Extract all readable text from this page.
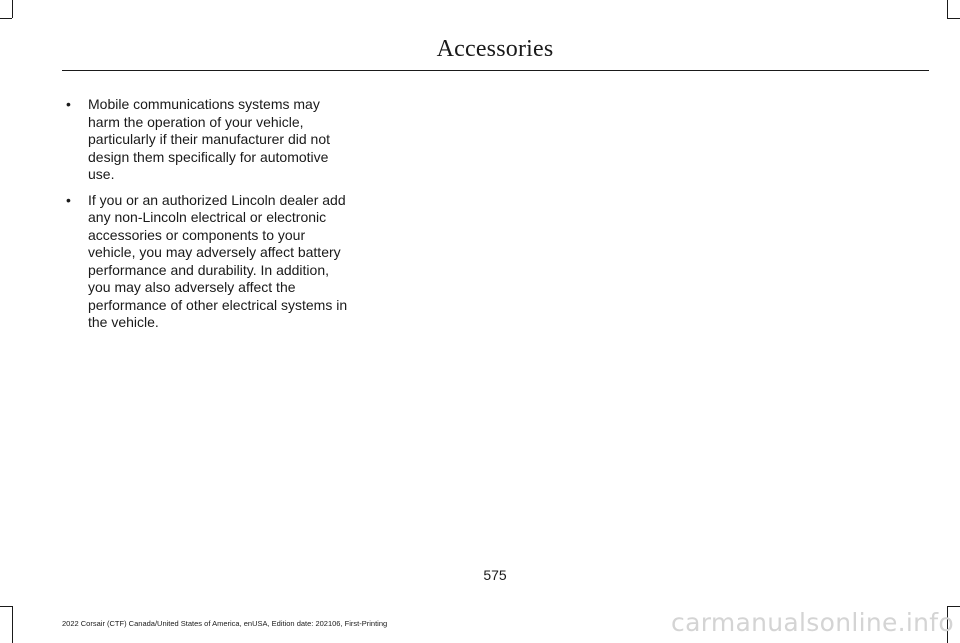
Accessories
• Mobile communications systems may harm the operation of your vehicle, particularly if their manufacturer did not design them specifically for automotive use.
• If you or an authorized Lincoln dealer add any non-Lincoln electrical or electronic accessories or components to your vehicle, you may adversely affect battery performance and durability. In addition, you may also adversely affect the performance of other electrical systems in the vehicle.
575
2022 Corsair (CTF) Canada/United States of America, enUSA, Edition date: 202106, First-Printing	carmanualsonline.info
